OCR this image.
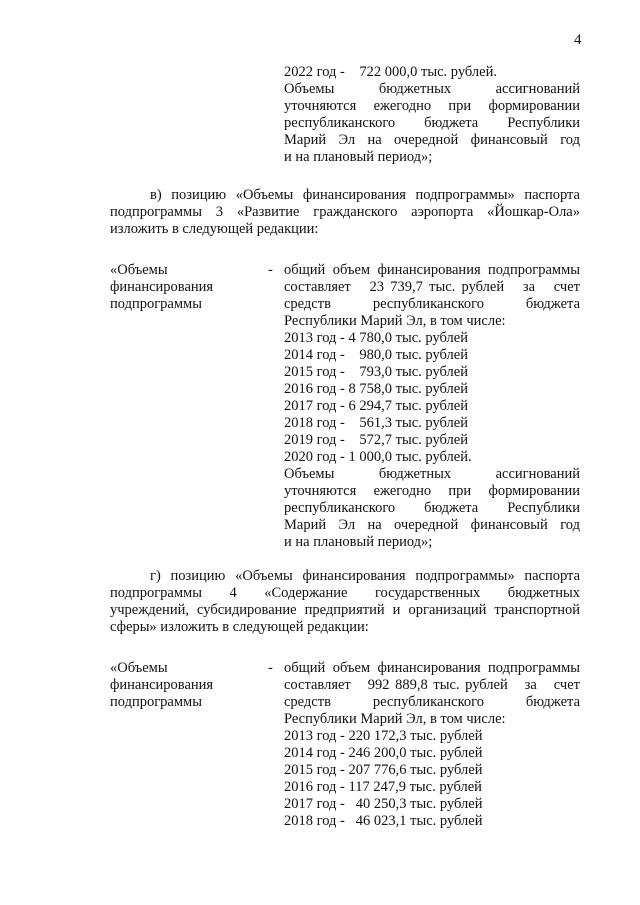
4
2022 год -    722 000,0 тыс. рублей.
Объемы бюджетных ассигнований
уточняются ежегодно при формировании
республиканского бюджета Республики
Марий Эл на очередной финансовый год
и на плановый период»;
в) позицию «Объемы финансирования подпрограммы» паспорта
подпрограммы 3 «Развитие гражданского аэропорта «Йошкар-Ола»
изложить в следующей редакции:
«Объемы
финансирования
подпрограммы
- общий объем финансирования подпрограммы
составляет   23 739,7 тыс. рублей   за   счет
средств республиканского бюджета
Республики Марий Эл, в том числе:
2013 год - 4 780,0 тыс. рублей
2014 год -    980,0 тыс. рублей
2015 год -    793,0 тыс. рублей
2016 год - 8 758,0 тыс. рублей
2017 год - 6 294,7 тыс. рублей
2018 год -    561,3 тыс. рублей
2019 год -    572,7 тыс. рублей
2020 год - 1 000,0 тыс. рублей.
Объемы бюджетных ассигнований
уточняются ежегодно при формировании
республиканского бюджета Республики
Марий Эл на очередной финансовый год
и на плановый период»;
г) позицию «Объемы финансирования подпрограммы» паспорта
подпрограммы 4 «Содержание государственных бюджетных
учреждений, субсидирование предприятий и организаций транспортной
сферы» изложить в следующей редакции:
«Объемы
финансирования
подпрограммы
- общий объем финансирования подпрограммы
составляет   992 889,8 тыс. рублей   за   счет
средств республиканского бюджета
Республики Марий Эл, в том числе:
2013 год - 220 172,3 тыс. рублей
2014 год - 246 200,0 тыс. рублей
2015 год - 207 776,6 тыс. рублей
2016 год - 117 247,9 тыс. рублей
2017 год -   40 250,3 тыс. рублей
2018 год -   46 023,1 тыс. рублей
